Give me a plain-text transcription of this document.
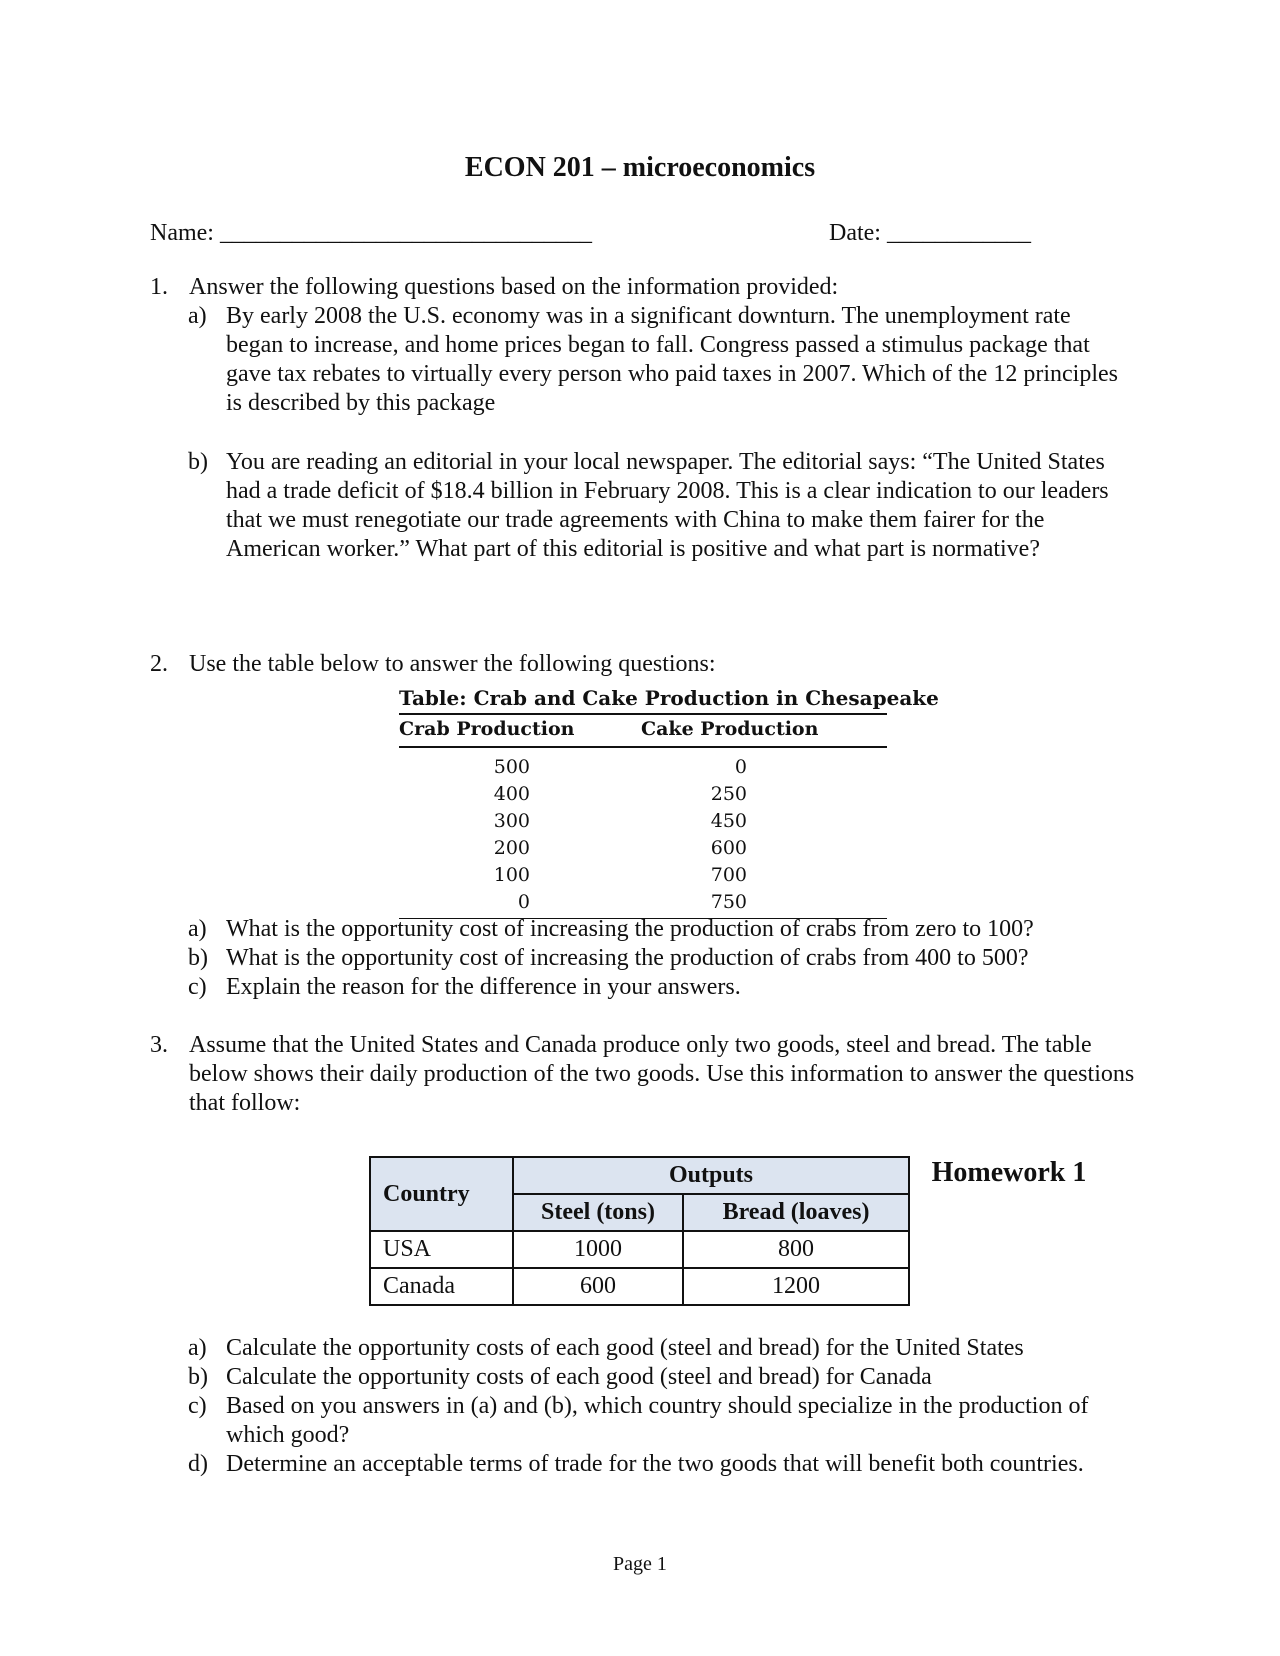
ECON 201 – microeconomics
Homework 1
Name: _______________________________	Date: ____________
1. Answer the following questions based on the information provided:
a) By early 2008 the U.S. economy was in a significant downturn. The unemployment rate began to increase, and home prices began to fall. Congress passed a stimulus package that gave tax rebates to virtually every person who paid taxes in 2007. Which of the 12 principles is described by this package
b) You are reading an editorial in your local newspaper. The editorial says: “The United States had a trade deficit of $18.4 billion in February 2008. This is a clear indication to our leaders that we must renegotiate our trade agreements with China to make them fairer for the American worker.” What part of this editorial is positive and what part is normative?
2. Use the table below to answer the following questions:
Table: Crab and Cake Production in Chesapeake
Crab Production	Cake Production
500	0
400	250
300	450
200	600
100	700
0	750
a) What is the opportunity cost of increasing the production of crabs from zero to 100?
b) What is the opportunity cost of increasing the production of crabs from 400 to 500?
c) Explain the reason for the difference in your answers.
3. Assume that the United States and Canada produce only two goods, steel and bread. The table below shows their daily production of the two goods. Use this information to answer the questions that follow:
Country	Outputs	
	Steel (tons)	Bread (loaves)
USA	1000	800
Canada	600	1200
a) Calculate the opportunity costs of each good (steel and bread) for the United States
b) Calculate the opportunity costs of each good (steel and bread) for Canada
c) Based on you answers in (a) and (b), which country should specialize in the production of which good?
d) Determine an acceptable terms of trade for the two goods that will benefit both countries.
Page 1
